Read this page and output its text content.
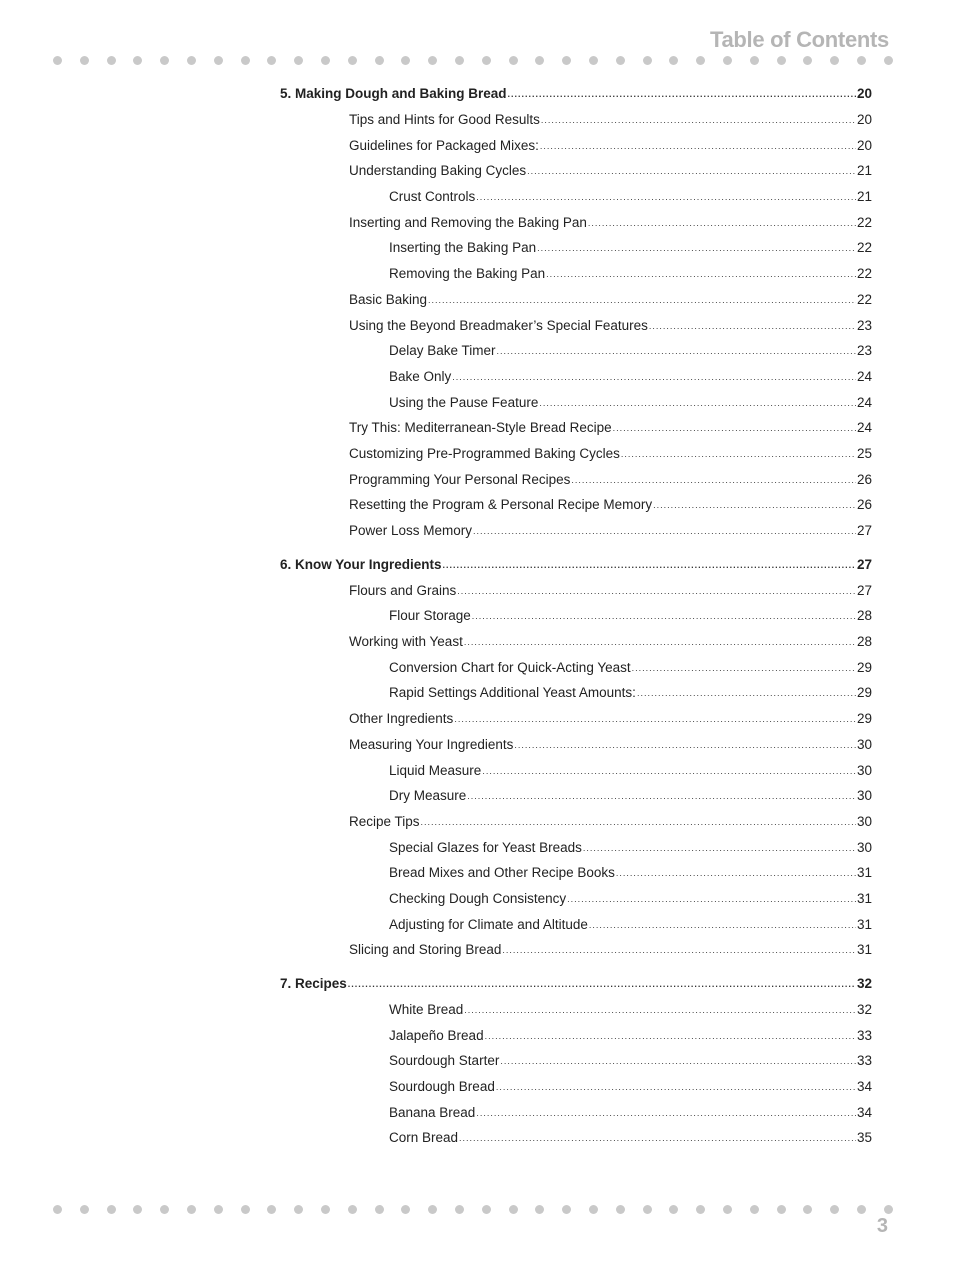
Table of Contents
5. Making Dough and Baking Bread .....	20
Tips and Hints for Good Results .....	20
Guidelines for Packaged Mixes: .....	20
Understanding Baking Cycles .....	21
Crust Controls .....	21
Inserting and Removing the Baking Pan .....	22
Inserting the Baking Pan .....	22
Removing the Baking Pan .....	22
Basic Baking .....	22
Using the Beyond Breadmaker’s Special Features .....	23
Delay Bake Timer .....	23
Bake Only .....	24
Using the Pause Feature .....	24
Try This: Mediterranean-Style Bread Recipe .....	24
Customizing Pre-Programmed Baking Cycles .....	25
Programming Your Personal Recipes .....	26
Resetting the Program & Personal Recipe Memory .....	26
Power Loss Memory .....	27
6. Know Your Ingredients .....	27
Flours and Grains .....	27
Flour Storage .....	28
Working with Yeast .....	28
Conversion Chart for Quick-Acting Yeast .....	29
Rapid Settings Additional Yeast Amounts: .....	29
Other Ingredients .....	29
Measuring Your Ingredients .....	30
Liquid Measure .....	30
Dry Measure .....	30
Recipe Tips .....	30
Special Glazes for Yeast Breads .....	30
Bread Mixes and Other Recipe Books .....	31
Checking Dough Consistency .....	31
Adjusting for Climate and Altitude .....	31
Slicing and Storing Bread .....	31
7. Recipes .....	32
White Bread .....	32
Jalapeño Bread .....	33
Sourdough Starter .....	33
Sourdough Bread .....	34
Banana Bread .....	34
Corn Bread .....	35
3
